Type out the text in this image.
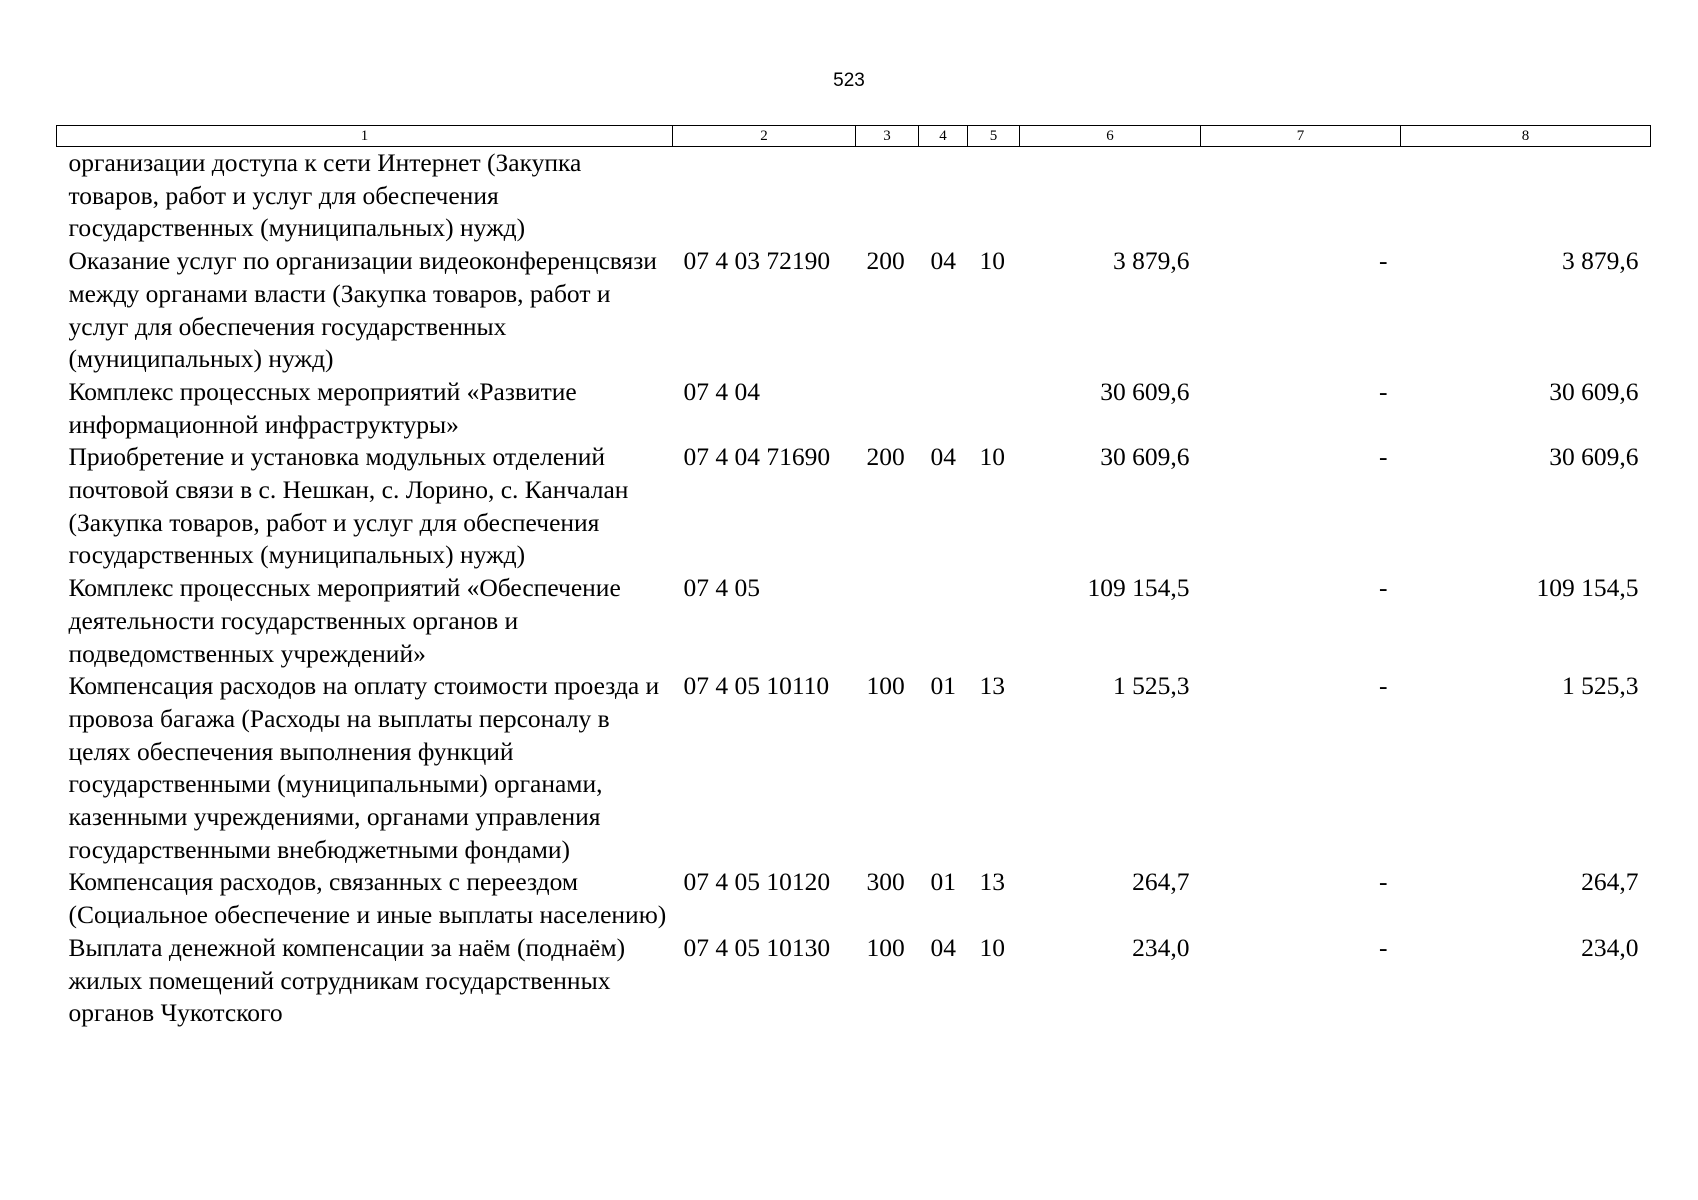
523
1	2	3	4	5	6	7	8
организации доступа к сети Интернет (Закупка товаров, работ и услуг для обеспечения государственных (муниципальных) нужд)							
Оказание услуг по организации видеоконференцсвязи между органами власти (Закупка товаров, работ и услуг для обеспечения государственных (муниципальных) нужд)	07 4 03 72190	200	04	10	3 879,6	-	3 879,6
Комплекс процессных мероприятий «Развитие информационной инфраструктуры»	07 4 04				30 609,6	-	30 609,6
Приобретение и установка модульных отделений почтовой связи в с. Нешкан, с. Лорино, с. Канчалан (Закупка товаров, работ и услуг для обеспечения государственных (муниципальных) нужд)	07 4 04 71690	200	04	10	30 609,6	-	30 609,6
Комплекс процессных мероприятий «Обеспечение деятельности государственных органов и подведомственных учреждений»	07 4 05				109 154,5	-	109 154,5
Компенсация расходов на оплату стоимости проезда и провоза багажа (Расходы на выплаты персоналу в целях обеспечения выполнения функций государственными (муниципальными) органами, казенными учреждениями, органами управления государственными внебюджетными фондами)	07 4 05 10110	100	01	13	1 525,3	-	1 525,3
Компенсация расходов, связанных с переездом (Социальное обеспечение и иные выплаты населению)	07 4 05 10120	300	01	13	264,7	-	264,7
Выплата денежной компенсации за наём (поднаём) жилых помещений сотрудникам государственных органов Чукотского	07 4 05 10130	100	04	10	234,0	-	234,0
